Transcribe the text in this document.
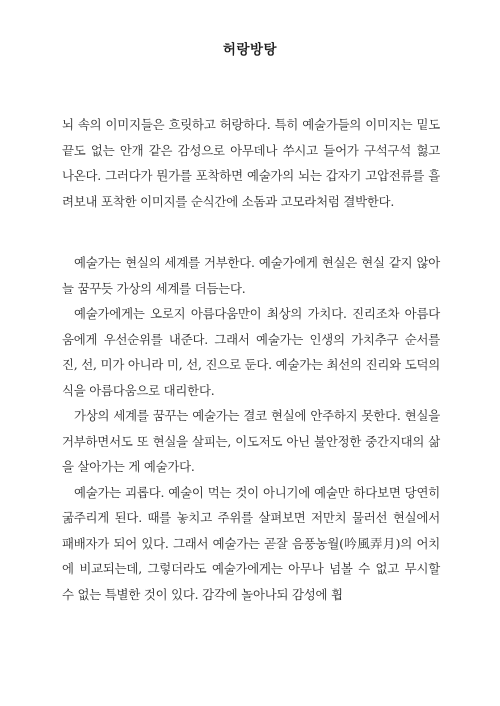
허랑방탕

뇌 속의 이미지들은 흐릿하고 허랑하다. 특히 예술가들의 이미지는 밑도 끝도 없는 안개 같은 감성으로 아무데나 쑤시고 들어가 구석구석 헗고 나온다. 그러다가 뭔가를 포착하면 예술가의 뇌는 갑자기 고압전류를 흘려보내 포착한 이미지를 순식간에 소돔과 고모라처럼 결박한다.

예술가는 현실의 세계를 거부한다. 예술가에게 현실은 현실 같지 않아 늘 꿈꾸듯 가상의 세계를 더듬는다.

예술가에게는 오로지 아름다움만이 최상의 가치다. 진리조차 아름다움에게 우선순위를 내준다. 그래서 예술가는 인생의 가치추구 순서를 진, 선, 미가 아니라 미, 선, 진으로 둔다. 예술가는 최선의 진리와 도덕의식을 아름다움으로 대리한다.

가상의 세계를 꿈꾸는 예술가는 결코 현실에 안주하지 못한다. 현실을 거부하면서도 또 현실을 살피는, 이도저도 아닌 불안정한 중간지대의 삶을 살아가는 게 예술가다.

예술가는 괴롭다. 예술이 먹는 것이 아니기에 예술만 하다보면 당연히 굶주리게 된다. 때를 놓치고 주위를 살펴보면 저만치 물러선 현실에서 패배자가 되어 있다. 그래서 예술가는 곧잘 음풍농월(吟風弄月)의 어치에 비교되는데, 그렇더라도 예술가에게는 아무나 넘볼 수 없고 무시할 수 없는 특별한 것이 있다. 감각에 놀아나되 감성에 휩
